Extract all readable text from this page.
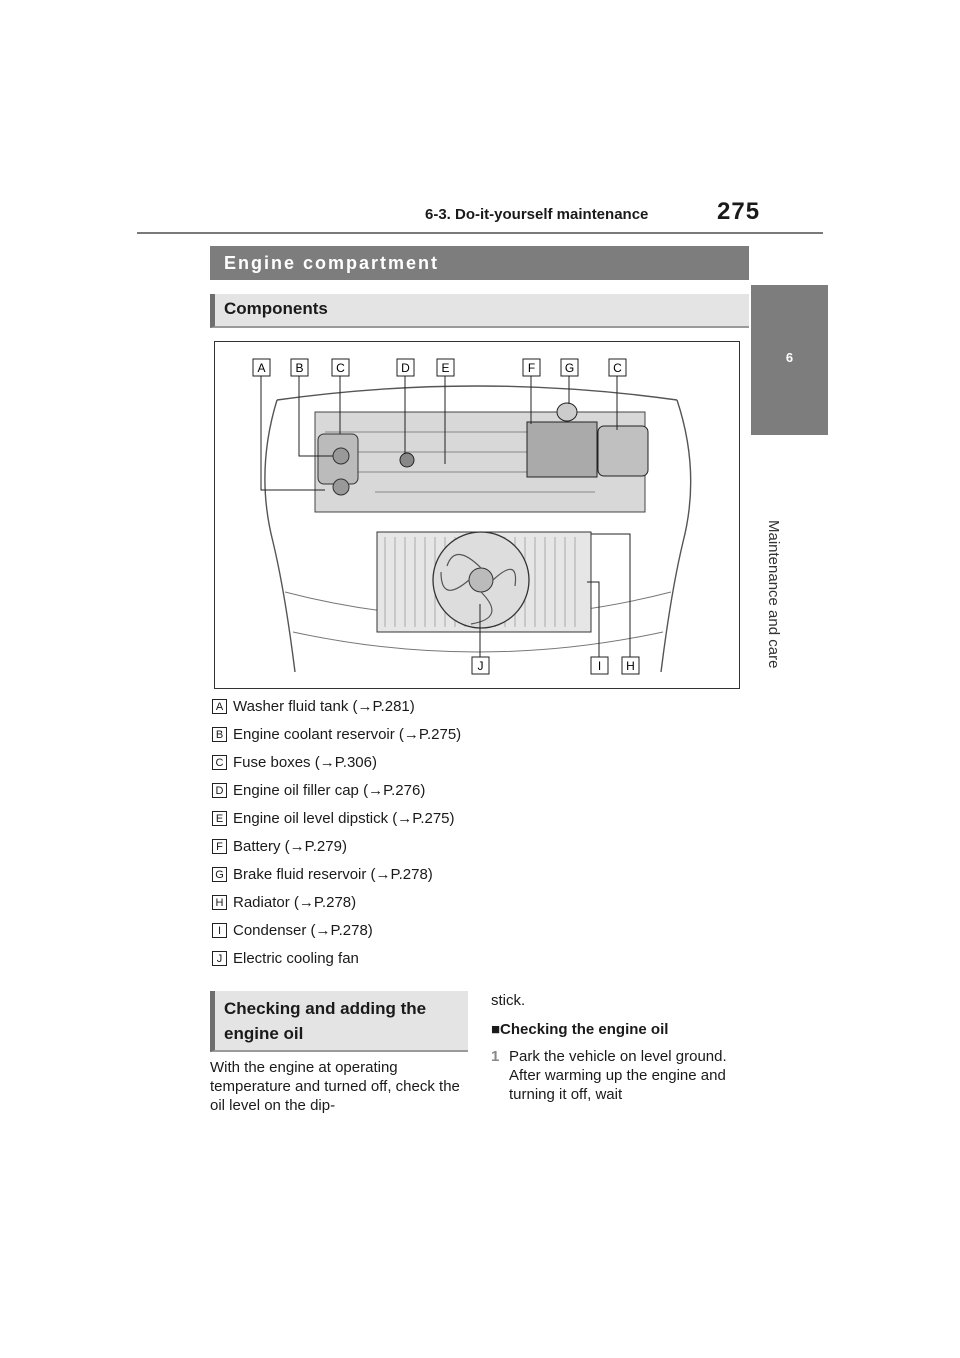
6-3. Do-it-yourself maintenance	275
6
Maintenance and care
Engine compartment
Components
A B	C	D	E	F G	C
J	I H
A Washer fluid tank (→P.281)
B Engine coolant reservoir (→P.275)
C Fuse boxes (→P.306)
D Engine oil filler cap (→P.276)
E Engine oil level dipstick (→P.275)
F Battery (→P.279)
G Brake fluid reservoir (→P.278)
H Radiator (→P.278)
I Condenser (→P.278)
J Electric cooling fan
Checking and adding the
engine oil
With the engine at operating temperature and turned off, check the oil level on the dip-
stick.
■Checking the engine oil
1 Park the vehicle on level ground. After warming up the engine and turning it off, wait
